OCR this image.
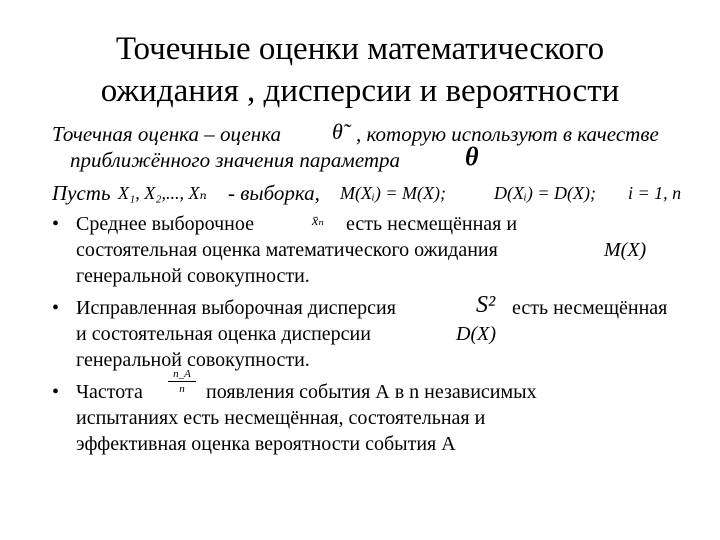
Точечные оценки математического
ожидания , дисперсии и вероятности
Точечная оценка – оценка θ̃ , которую используют в качестве
приближённого значения параметра θ
Пусть X₁, X₂,..., Xₙ - выборка, M(Xᵢ) = M(X);	D(Xᵢ) = D(X); i = 1, n
• Среднее выборочное	x̄ₙ есть несмещённая и
состоятельная оценка математического ожидания	M(X)
генеральной совокупности.
• Исправленная выборочная дисперсия	S² есть несмещённая
и состоятельная оценка дисперсии	D(X)
генеральной совокупности.
• Частота
n_A
n	появления события А в n независимых
испытаниях есть несмещённая, состоятельная и
эффективная оценка вероятности события А
